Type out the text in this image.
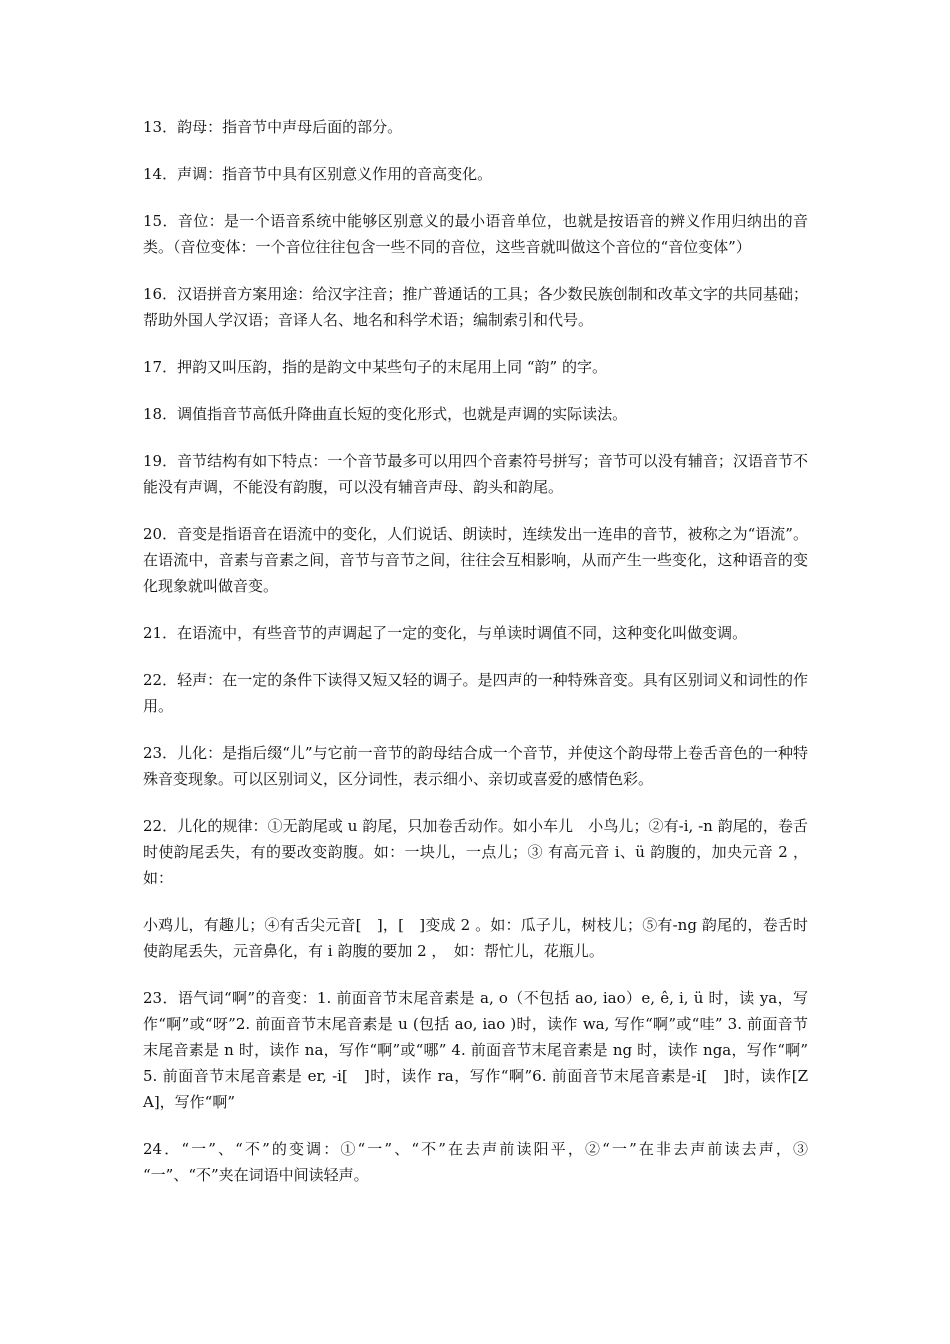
13．韵母：指音节中声母后面的部分。

14．声调：指音节中具有区别意义作用的音高变化。

15．音位：是一个语音系统中能够区别意义的最小语音单位，也就是按语音的辨义作用归纳出的音类。（音位变体：一个音位往往包含一些不同的音位，这些音就叫做这个音位的“音位变体”）

16．汉语拼音方案用途：给汉字注音；推广普通话的工具；各少数民族创制和改革文字的共同基础；帮助外国人学汉语；音译人名、地名和科学术语；编制索引和代号。

17．押韵又叫压韵，指的是韵文中某些句子的末尾用上同 “韵” 的字。

18．调值指音节高低升降曲直长短的变化形式，也就是声调的实际读法。

19．音节结构有如下特点：一个音节最多可以用四个音素符号拼写；音节可以没有辅音；汉语音节不能没有声调，不能没有韵腹，可以没有辅音声母、韵头和韵尾。

20．音变是指语音在语流中的变化，人们说话、朗读时，连续发出一连串的音节，被称之为“语流”。在语流中，音素与音素之间，音节与音节之间，往往会互相影响，从而产生一些变化，这种语音的变化现象就叫做音变。

21．在语流中，有些音节的声调起了一定的变化，与单读时调值不同，这种变化叫做变调。

22．轻声：在一定的条件下读得又短又轻的调子。是四声的一种特殊音变。具有区别词义和词性的作用。

23．儿化：是指后缀“儿”与它前一音节的韵母结合成一个音节，并使这个韵母带上卷舌音色的一种特殊音变现象。可以区别词义，区分词性，表示细小、亲切或喜爱的感情色彩。

22．儿化的规律：①无韵尾或 u 韵尾，只加卷舌动作。如小车儿　小鸟儿；②有-i, -n 韵尾的，卷舌时使韵尾丢失，有的要改变韵腹。如：一块儿，一点儿；③ 有高元音 i、ü 韵腹的，加央元音 2 ，如：

小鸡儿，有趣儿；④有舌尖元音[　]，[　]变成 2 。如：瓜子儿，树枝儿；⑤有-ng 韵尾的，卷舌时使韵尾丢失，元音鼻化，有 i 韵腹的要加 2 ，　如：帮忙儿，花瓶儿。

23．语气词“啊”的音变：1. 前面音节末尾音素是 a, o（不包括 ao, iao）e, ê, i, ü 时，读 ya，写作“啊”或“呀”2. 前面音节末尾音素是 u (包括 ao, iao )时，读作 wa, 写作“啊”或“哇” 3. 前面音节末尾音素是 n 时，读作 na，写作“啊”或“哪” 4. 前面音节末尾音素是 ng 时，读作 nga，写作“啊” 5. 前面音节末尾音素是 er, -i[　]时，读作 ra，写作“啊”6. 前面音节末尾音素是-i[　]时，读作[ZA]，写作“啊”

24．“一”、“不”的变调：①“一”、“不”在去声前读阳平，②“一”在非去声前读去声，③ “一”、“不”夹在词语中间读轻声。
